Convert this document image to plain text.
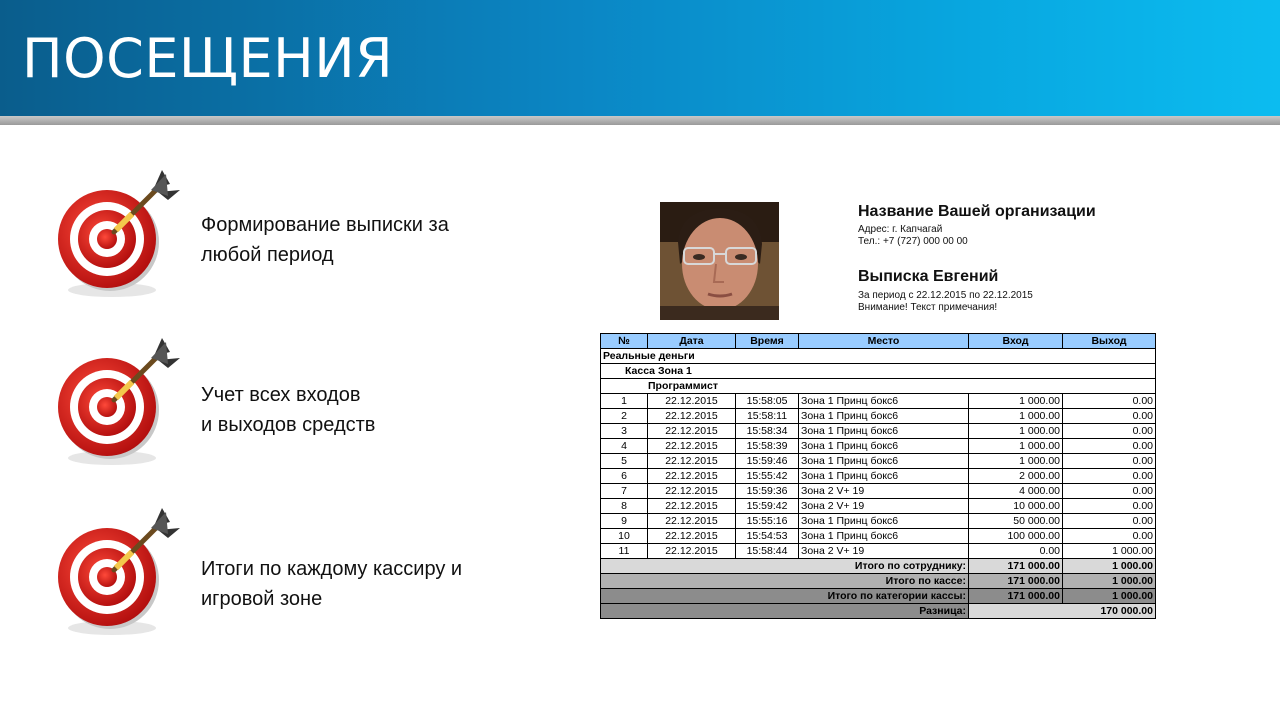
ПОСЕЩЕНИЯ
Формирование выписки за
любой период
Учет всех входов
и выходов средств
Итоги по каждому кассиру и
игровой зоне
Название Вашей организации
Адрес: г. Капчагай
Тел.: +7 (727) 000 00 00
Выписка Евгений
За период с 22.12.2015 по 22.12.2015
Внимание! Текст примечания!
№	Дата	Время	Место	Вход	Выход
Реальные деньги					
Касса Зона 1					
Программист					
1	22.12.2015	15:58:05	Зона 1 Принц бокс6	1 000.00	0.00
2	22.12.2015	15:58:11	Зона 1 Принц бокс6	1 000.00	0.00
3	22.12.2015	15:58:34	Зона 1 Принц бокс6	1 000.00	0.00
4	22.12.2015	15:58:39	Зона 1 Принц бокс6	1 000.00	0.00
5	22.12.2015	15:59:46	Зона 1 Принц бокс6	1 000.00	0.00
6	22.12.2015	15:55:42	Зона 1 Принц бокс6	2 000.00	0.00
7	22.12.2015	15:59:36	Зона 2 V+ 19	4 000.00	0.00
8	22.12.2015	15:59:42	Зона 2 V+ 19	10 000.00	0.00
9	22.12.2015	15:55:16	Зона 1 Принц бокс6	50 000.00	0.00
10	22.12.2015	15:54:53	Зона 1 Принц бокс6	100 000.00	0.00
11	22.12.2015	15:58:44	Зона 2 V+ 19	0.00	1 000.00
Итого по сотруднику:				171 000.00	1 000.00
Итого по кассе:				171 000.00	1 000.00
Итого по категории кассы:				171 000.00	1 000.00
Разница:				170 000.00	
